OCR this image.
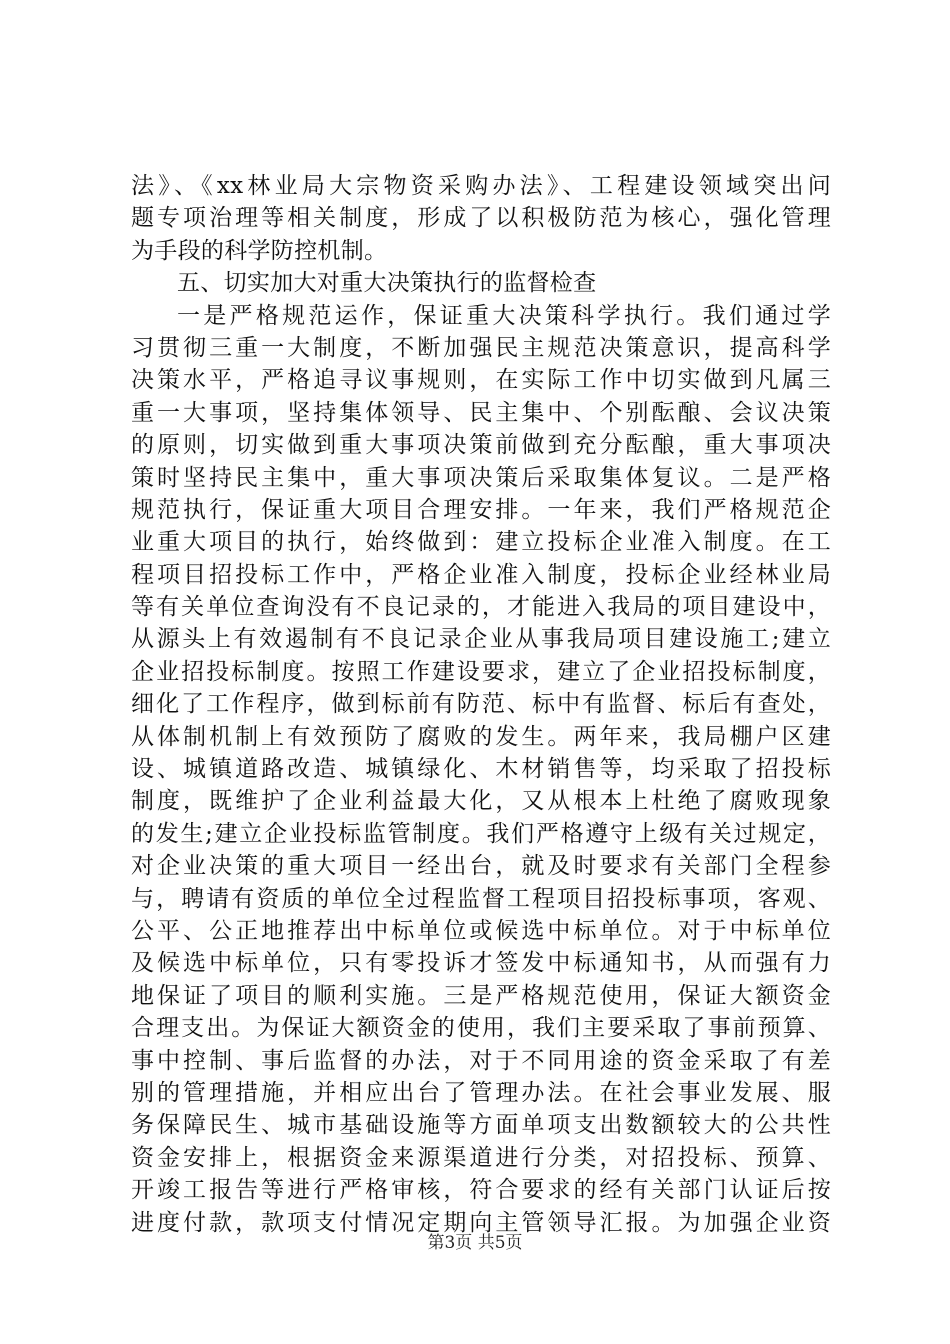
法》、《xx林业局大宗物资采购办法》、工程建设领域突出问
题专项治理等相关制度，形成了以积极防范为核心，强化管理
为手段的科学防控机制。
五、切实加大对重大决策执行的监督检查
一是严格规范运作，保证重大决策科学执行。我们通过学
习贯彻三重一大制度，不断加强民主规范决策意识，提高科学
决策水平，严格追寻议事规则，在实际工作中切实做到凡属三
重一大事项，坚持集体领导、民主集中、个别酝酿、会议决策
的原则，切实做到重大事项决策前做到充分酝酿，重大事项决
策时坚持民主集中，重大事项决策后采取集体复议。二是严格
规范执行，保证重大项目合理安排。一年来，我们严格规范企
业重大项目的执行，始终做到：建立投标企业准入制度。在工
程项目招投标工作中，严格企业准入制度，投标企业经林业局
等有关单位查询没有不良记录的，才能进入我局的项目建设中，
从源头上有效遏制有不良记录企业从事我局项目建设施工;建立
企业招投标制度。按照工作建设要求，建立了企业招投标制度，
细化了工作程序，做到标前有防范、标中有监督、标后有查处，
从体制机制上有效预防了腐败的发生。两年来，我局棚户区建
设、城镇道路改造、城镇绿化、木材销售等，均采取了招投标
制度，既维护了企业利益最大化，又从根本上杜绝了腐败现象
的发生;建立企业投标监管制度。我们严格遵守上级有关过规定，
对企业决策的重大项目一经出台，就及时要求有关部门全程参
与，聘请有资质的单位全过程监督工程项目招投标事项，客观、
公平、公正地推荐出中标单位或候选中标单位。对于中标单位
及候选中标单位，只有零投诉才签发中标通知书，从而强有力
地保证了项目的顺利实施。三是严格规范使用，保证大额资金
合理支出。为保证大额资金的使用，我们主要采取了事前预算、
事中控制、事后监督的办法，对于不同用途的资金采取了有差
别的管理措施，并相应出台了管理办法。在社会事业发展、服
务保障民生、城市基础设施等方面单项支出数额较大的公共性
资金安排上，根据资金来源渠道进行分类，对招投标、预算、
开竣工报告等进行严格审核，符合要求的经有关部门认证后按
进度付款，款项支付情况定期向主管领导汇报。为加强企业资
第3页 共5页
